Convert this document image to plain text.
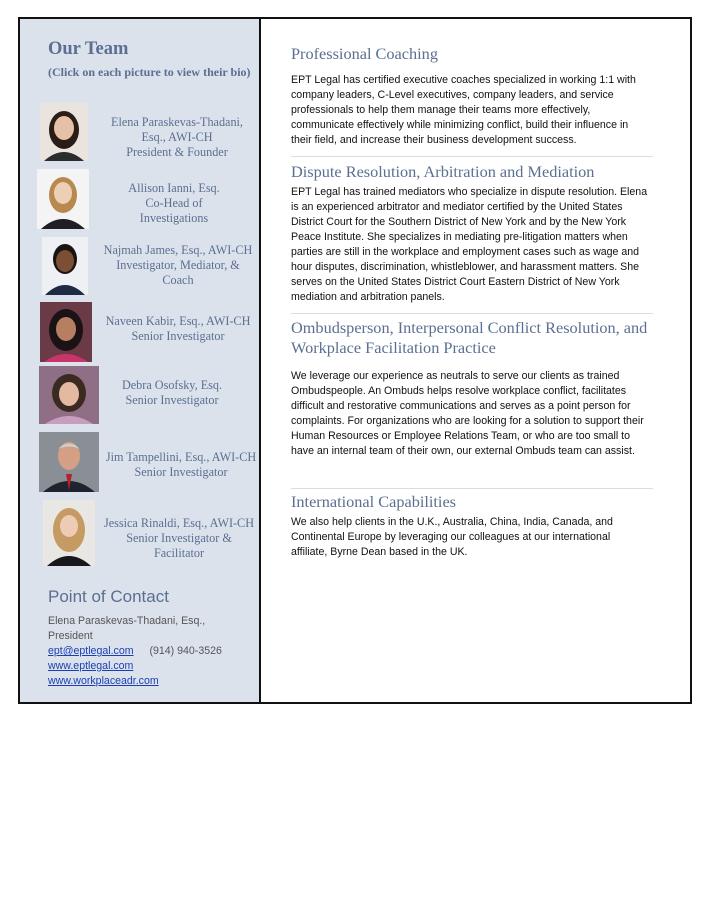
Our Team

(Click on each picture to view their bio)

Elena Paraskevas-Thadani,
Esq., AWI-CH
President & Founder
Allison Ianni, Esq.
Co-Head of
Investigations
Najmah James, Esq., AWI-CH
Investigator, Mediator, &
Coach
Naveen Kabir, Esq., AWI-CH
Senior Investigator
Debra Osofsky, Esq.
Senior Investigator
Jim Tampellini, Esq., AWI-CH
Senior Investigator
Jessica Rinaldi, Esq., AWI-CH
Senior Investigator &
Facilitator
Point of Contact
Elena Paraskevas-Thadani, Esq.,
President
ept@eptlegal.com (914) 940-3526
www.eptlegal.com
www.workplaceadr.com
Professional Coaching
EPT Legal has certified executive coaches specialized in working 1:1 with
company leaders, C-Level executives, company leaders, and service
professionals to help them manage their teams more effectively,
communicate effectively while minimizing conflict, build their influence in
their field, and increase their business development success.
Dispute Resolution, Arbitration and Mediation
EPT Legal has trained mediators who specialize in dispute resolution. Elena
is an experienced arbitrator and mediator certified by the United States
District Court for the Southern District of New York and by the New York
Peace Institute. She specializes in mediating pre-litigation matters when
parties are still in the workplace and employment cases such as wage and
hour disputes, discrimination, whistleblower, and harassment matters. She
serves on the United States District Court Eastern District of New York
mediation and arbitration panels.
Ombudsperson, Interpersonal Conflict Resolution, and
Workplace Facilitation Practice
We leverage our experience as neutrals to serve our clients as trained
Ombudspeople. An Ombuds helps resolve workplace conflict, facilitates
difficult and restorative communications and serves as a point person for
complaints. For organizations who are looking for a solution to support their
Human Resources or Employee Relations Team, or who are too small to
have an internal team of their own, our external Ombuds team can assist.
International Capabilities
We also help clients in the U.K., Australia, China, India, Canada, and
Continental Europe by leveraging our colleagues at our international
affiliate, Byrne Dean based in the UK.
